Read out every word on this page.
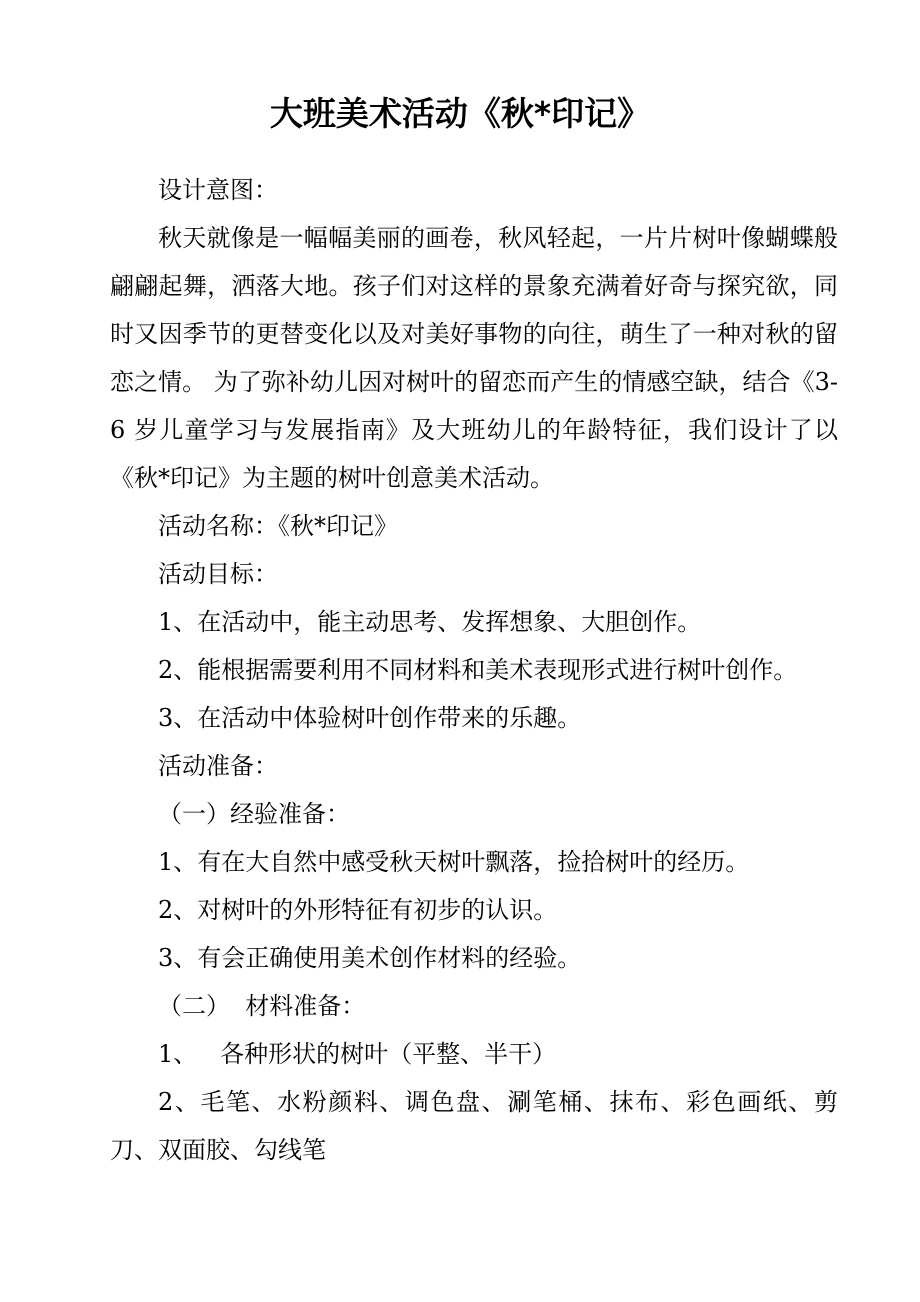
大班美术活动《秋*印记》

设计意图：

秋天就像是一幅幅美丽的画卷，秋风轻起，一片片树叶像蝴蝶般翩翩起舞，洒落大地。孩子们对这样的景象充满着好奇与探究欲，同时又因季节的更替变化以及对美好事物的向往，萌生了一种对秋的留恋之情。 为了弥补幼儿因对树叶的留恋而产生的情感空缺，结合《3-6 岁儿童学习与发展指南》及大班幼儿的年龄特征，我们设计了以《秋*印记》为主题的树叶创意美术活动。

活动名称：《秋*印记》

活动目标：

1、在活动中，能主动思考、发挥想象、大胆创作。

2、能根据需要利用不同材料和美术表现形式进行树叶创作。

3、在活动中体验树叶创作带来的乐趣。

活动准备：

（一）经验准备：

1、有在大自然中感受秋天树叶飘落，捡拾树叶的经历。

2、对树叶的外形特征有初步的认识。

3、有会正确使用美术创作材料的经验。

（二）  材料准备：

1、   各种形状的树叶（平整、半干）

2、毛笔、水粉颜料、调色盘、涮笔桶、抹布、彩色画纸、剪刀、双面胶、勾线笔
